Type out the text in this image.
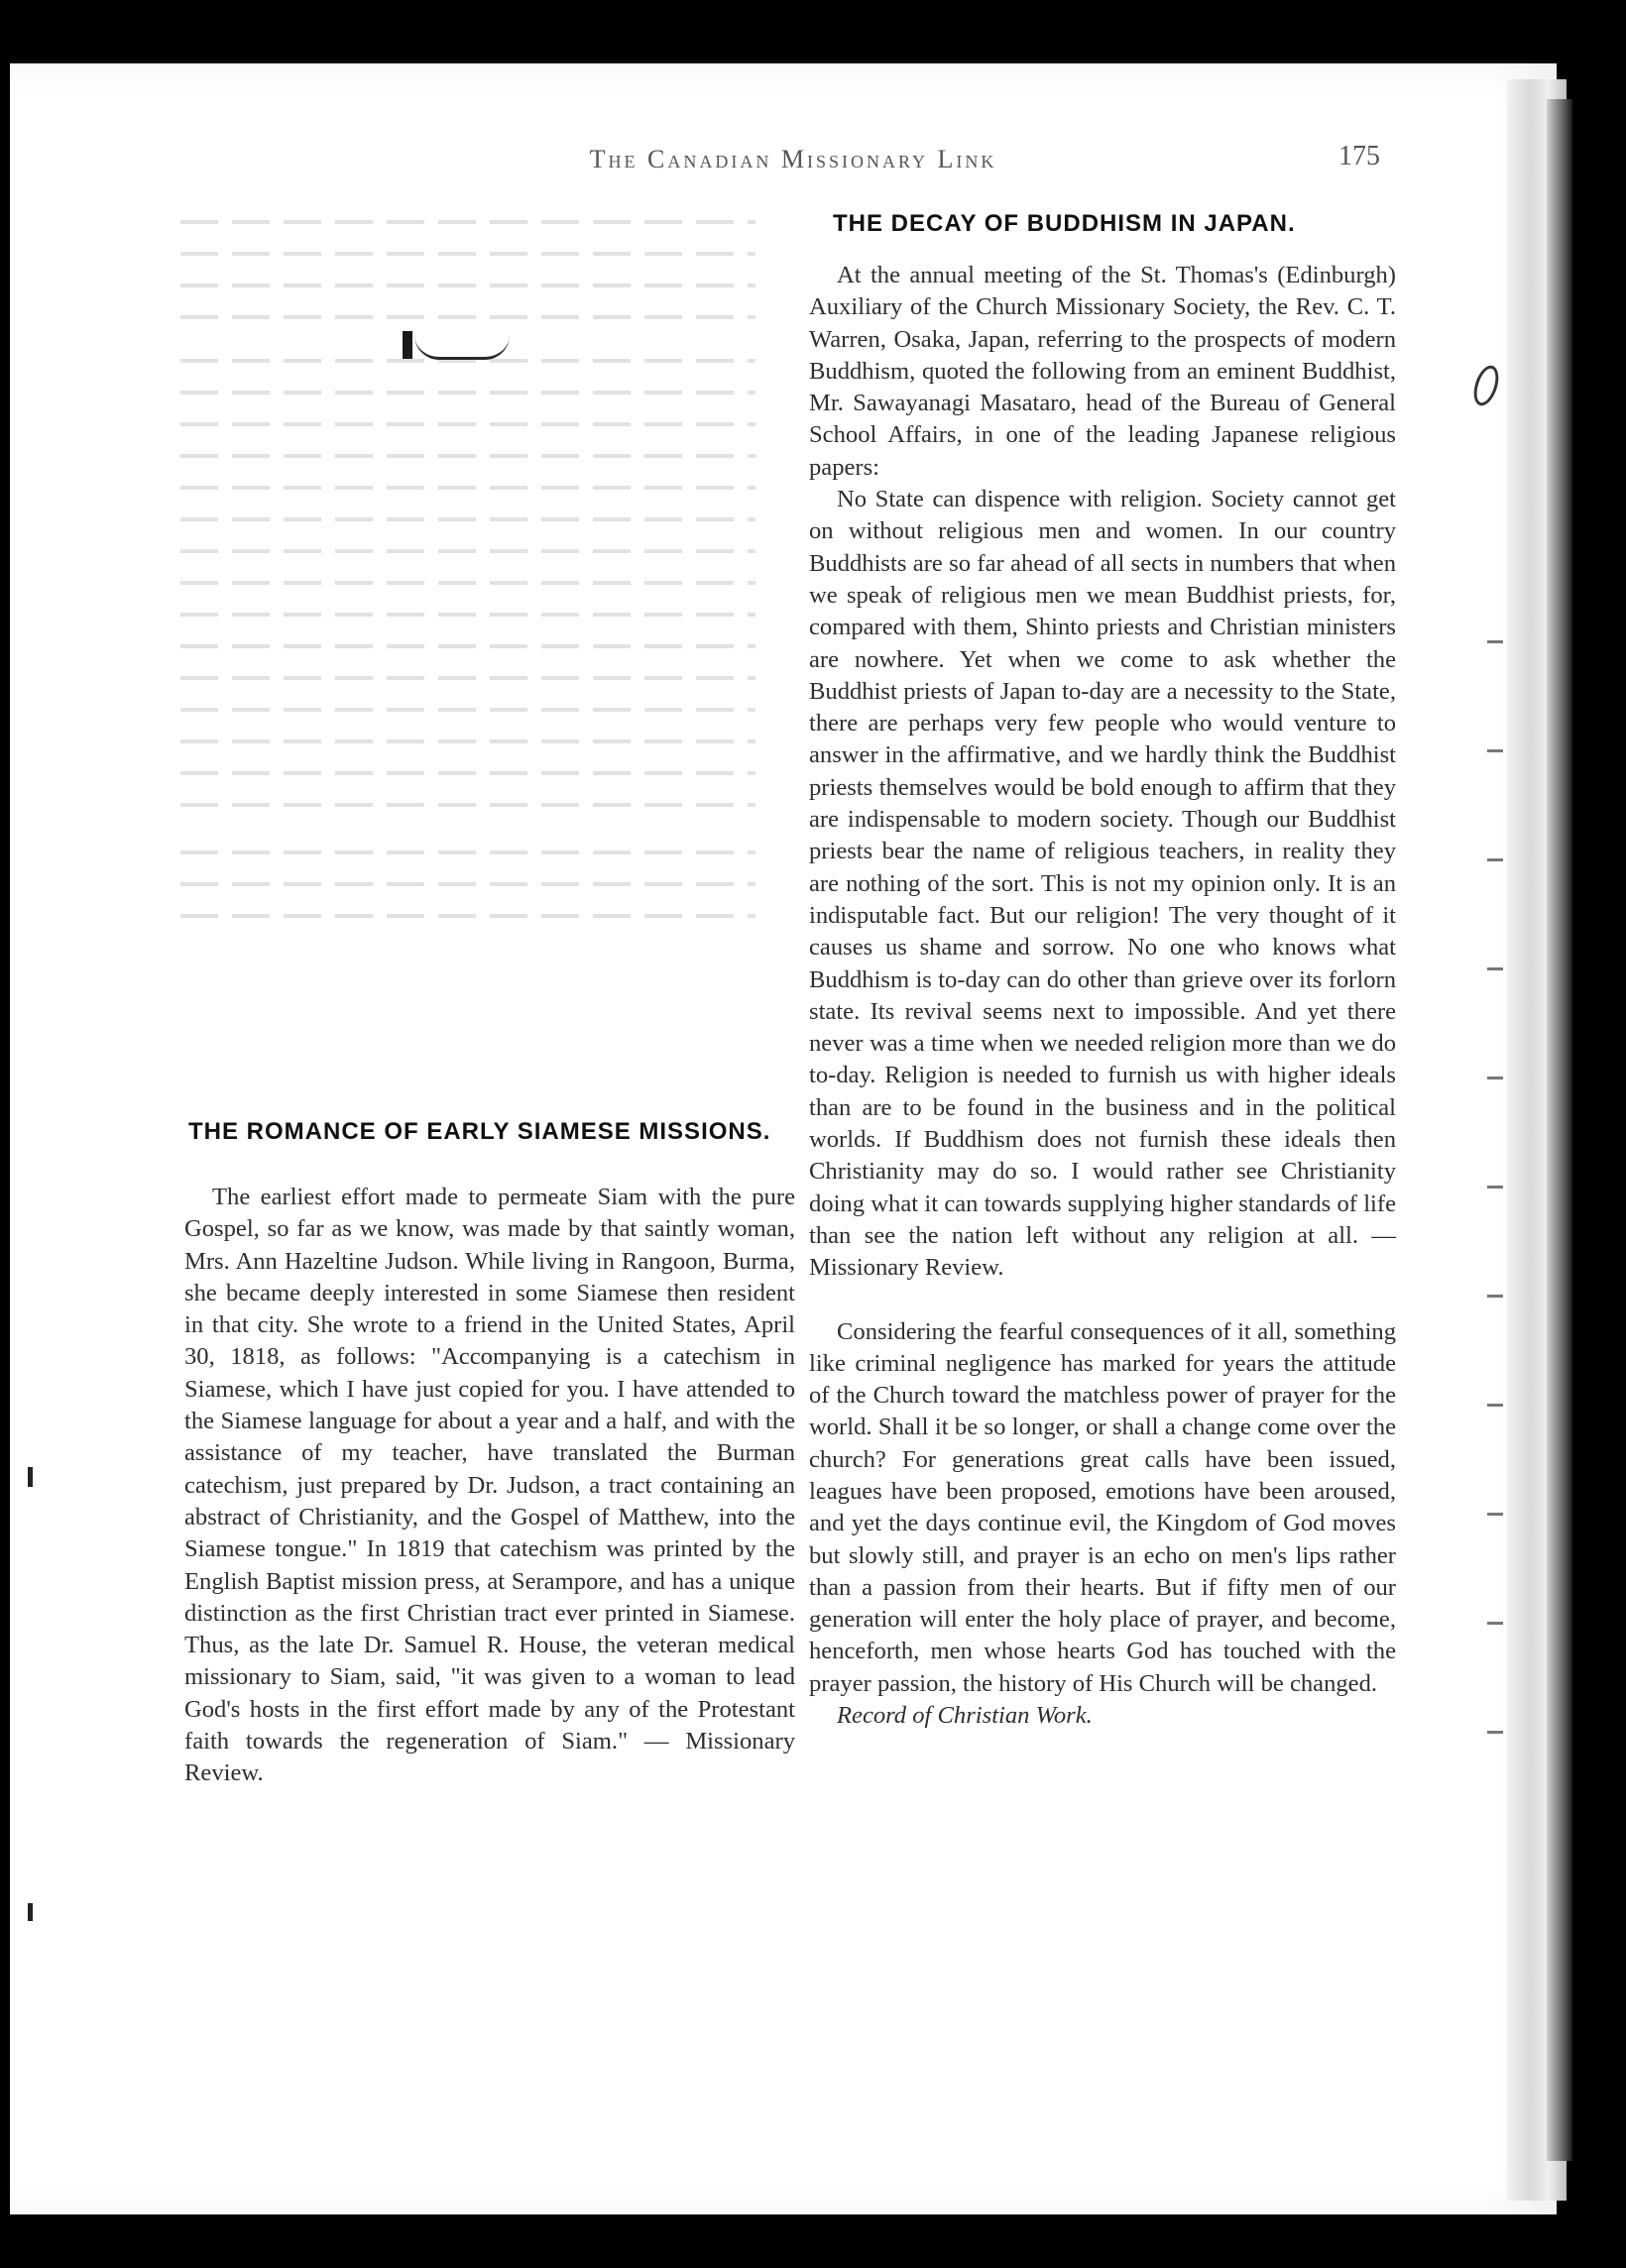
The Canadian Missionary Link	175
THE DECAY OF BUDDHISM IN JAPAN.

At the annual meeting of the St. Thomas's (Edinburgh) Auxiliary of the Church Missionary Society, the Rev. C. T. Warren, Osaka, Japan, referring to the prospects of modern Buddhism, quoted the following from an eminent Buddhist, Mr. Sawayanagi Masataro, head of the Bureau of General School Affairs, in one of the leading Japanese religious papers:

No State can dispence with religion. Society cannot get on without religious men and women. In our country Buddhists are so far ahead of all sects in numbers that when we speak of religious men we mean Buddhist priests, for, compared with them, Shinto priests and Christian ministers are nowhere. Yet when we come to ask whether the Buddhist priests of Japan to-day are a necessity to the State, there are perhaps very few people who would venture to answer in the affirmative, and we hardly think the Buddhist priests themselves would be bold enough to affirm that they are indispensable to modern society. Though our Buddhist priests bear the name of religious teachers, in reality they are nothing of the sort. This is not my opinion only. It is an indisputable fact. But our religion! The very thought of it causes us shame and sorrow. No one who knows what Buddhism is to-day can do other than grieve over its forlorn state. Its revival seems next to impossible. And yet there never was a time when we needed religion more than we do to-day. Religion is needed to furnish us with higher ideals than are to be found in the business and in the political worlds. If Buddhism does not furnish these ideals then Christianity may do so. I would rather see Christianity doing what it can towards supplying higher standards of life than see the nation left without any religion at all. — Missionary Review.

Considering the fearful consequences of it all, something like criminal negligence has marked for years the attitude of the Church toward the matchless power of prayer for the world. Shall it be so longer, or shall a change come over the church? For generations great calls have been issued, leagues have been proposed, emotions have been aroused, and yet the days continue evil, the Kingdom of God moves but slowly still, and prayer is an echo on men's lips rather than a passion from their hearts. But if fifty men of our generation will enter the holy place of prayer, and become, henceforth, men whose hearts God has touched with the prayer passion, the history of His Church will be changed.

Record of Christian Work.

THE ROMANCE OF EARLY SIAMESE MISSIONS.

The earliest effort made to permeate Siam with the pure Gospel, so far as we know, was made by that saintly woman, Mrs. Ann Hazeltine Judson. While living in Rangoon, Burma, she became deeply interested in some Siamese then resident in that city. She wrote to a friend in the United States, April 30, 1818, as follows: "Accompanying is a catechism in Siamese, which I have just copied for you. I have attended to the Siamese language for about a year and a half, and with the assistance of my teacher, have translated the Burman catechism, just prepared by Dr. Judson, a tract containing an abstract of Christianity, and the Gospel of Matthew, into the Siamese tongue." In 1819 that catechism was printed by the English Baptist mission press, at Serampore, and has a unique distinction as the first Christian tract ever printed in Siamese. Thus, as the late Dr. Samuel R. House, the veteran medical missionary to Siam, said, "it was given to a woman to lead God's hosts in the first effort made by any of the Protestant faith towards the regeneration of Siam." — Missionary Review.
